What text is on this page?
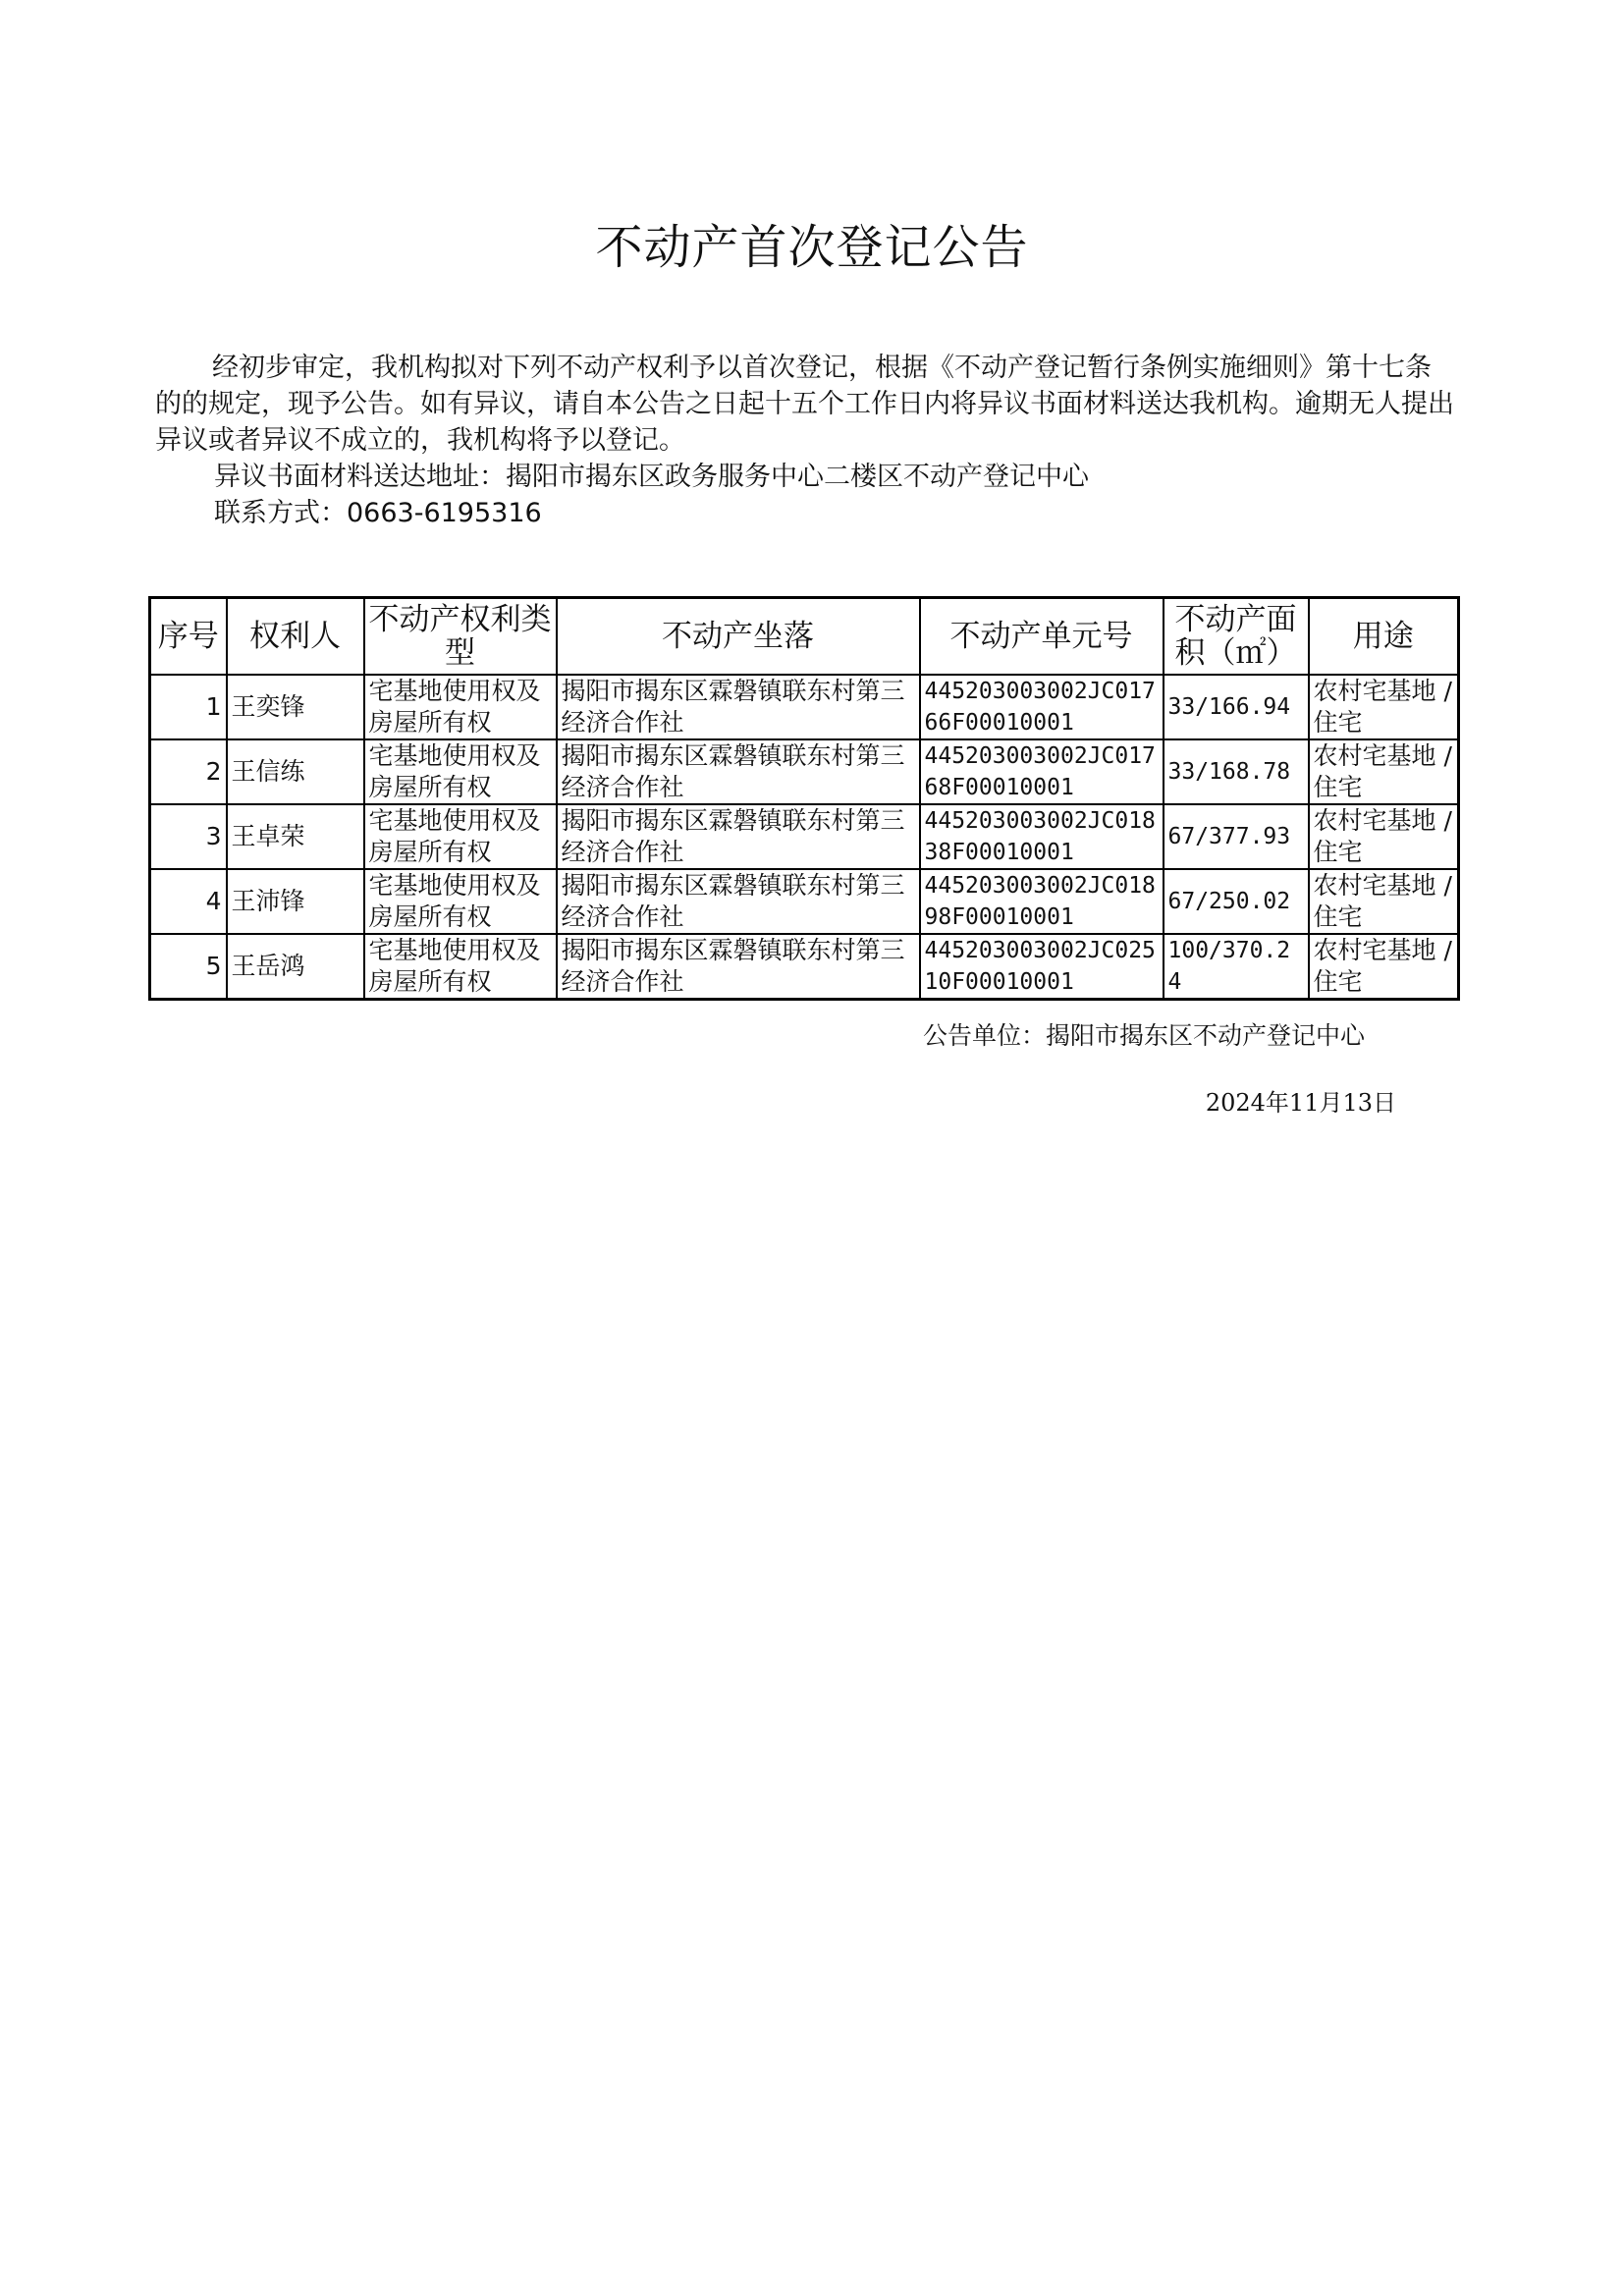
不动产首次登记公告

经初步审定，我机构拟对下列不动产权利予以首次登记，根据《不动产登记暂行条例实施细则》第十七条的的规定，现予公告。如有异议，请自本公告之日起十五个工作日内将异议书面材料送达我机构。逾期无人提出异议或者异议不成立的，我机构将予以登记。

异议书面材料送达地址：揭阳市揭东区政务服务中心二楼区不动产登记中心

联系方式：0663-6195316

序号	权利人	不动产权利类型	不动产坐落	不动产单元号	不动产面积（㎡）	用途
1	王奕锋	宅基地使用权及房屋所有权	揭阳市揭东区霖磐镇联东村第三经济合作社	445203003002JC01766F00010001	33/166.94	农村宅基地 / 住宅
2	王信练	宅基地使用权及房屋所有权	揭阳市揭东区霖磐镇联东村第三经济合作社	445203003002JC01768F00010001	33/168.78	农村宅基地 / 住宅
3	王卓荣	宅基地使用权及房屋所有权	揭阳市揭东区霖磐镇联东村第三经济合作社	445203003002JC01838F00010001	67/377.93	农村宅基地 / 住宅
4	王沛锋	宅基地使用权及房屋所有权	揭阳市揭东区霖磐镇联东村第三经济合作社	445203003002JC01898F00010001	67/250.02	农村宅基地 / 住宅
5	王岳鸿	宅基地使用权及房屋所有权	揭阳市揭东区霖磐镇联东村第三经济合作社	445203003002JC02510F00010001	100/370.24	农村宅基地 / 住宅
公告单位：揭阳市揭东区不动产登记中心
2024年11月13日
